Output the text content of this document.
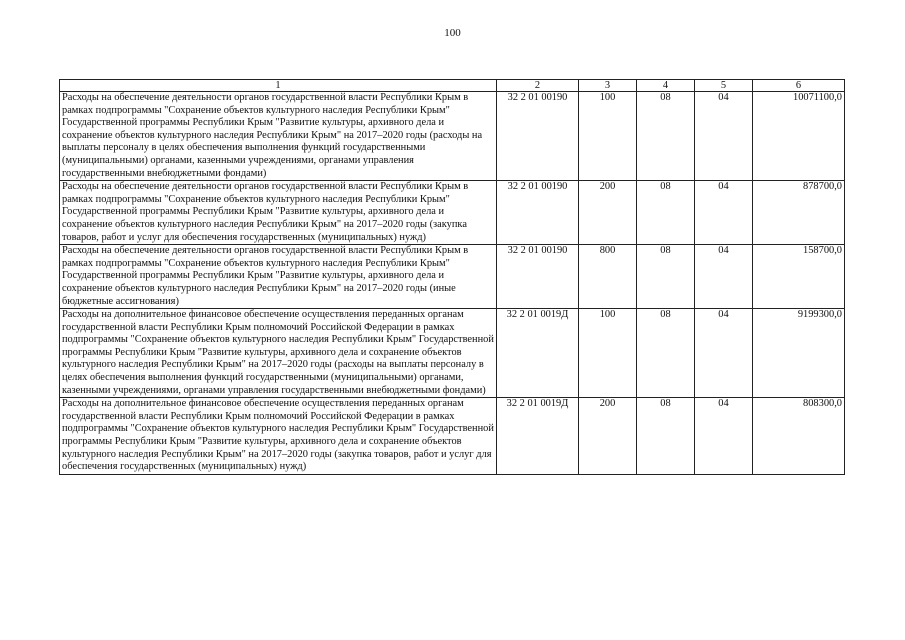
100
1	2	3	4	5	6
Расходы на обеспечение деятельности органов государственной власти Республики Крым в рамках подпрограммы "Сохранение объектов культурного наследия Республики Крым" Государственной программы Республики Крым "Развитие культуры, архивного дела и сохранение объектов культурного наследия Республики Крым" на 2017–2020 годы (расходы на выплаты персоналу в целях обеспечения выполнения функций государственными (муниципальными) органами, казенными учреждениями, органами управления государственными внебюджетными фондами)	32 2 01 00190	100	08	04	10071100,0
Расходы на обеспечение деятельности органов государственной власти Республики Крым в рамках подпрограммы "Сохранение объектов культурного наследия Республики Крым" Государственной программы Республики Крым "Развитие культуры, архивного дела и сохранение объектов культурного наследия Республики Крым" на 2017–2020 годы (закупка товаров, работ и услуг для обеспечения государственных (муниципальных) нужд)	32 2 01 00190	200	08	04	878700,0
Расходы на обеспечение деятельности органов государственной власти Республики Крым в рамках подпрограммы "Сохранение объектов культурного наследия Республики Крым" Государственной программы Республики Крым "Развитие культуры, архивного дела и сохранение объектов культурного наследия Республики Крым" на 2017–2020 годы (иные бюджетные ассигнования)	32 2 01 00190	800	08	04	158700,0
Расходы на дополнительное финансовое обеспечение осуществления переданных органам государственной власти Республики Крым полномочий Российской Федерации в рамках подпрограммы "Сохранение объектов культурного наследия Республики Крым" Государственной программы Республики Крым "Развитие культуры, архивного дела и сохранение объектов культурного наследия Республики Крым" на 2017–2020 годы (расходы на выплаты персоналу в целях обеспечения выполнения функций государственными (муниципальными) органами, казенными учреждениями, органами управления государственными внебюджетными фондами)	32 2 01 0019Д	100	08	04	9199300,0
Расходы на дополнительное финансовое обеспечение осуществления переданных органам государственной власти Республики Крым полномочий Российской Федерации в рамках подпрограммы "Сохранение объектов культурного наследия Республики Крым" Государственной программы Республики Крым "Развитие культуры, архивного дела и сохранение объектов культурного наследия Республики Крым" на 2017–2020 годы (закупка товаров, работ и услуг для обеспечения государственных (муниципальных) нужд)	32 2 01 0019Д	200	08	04	808300,0
